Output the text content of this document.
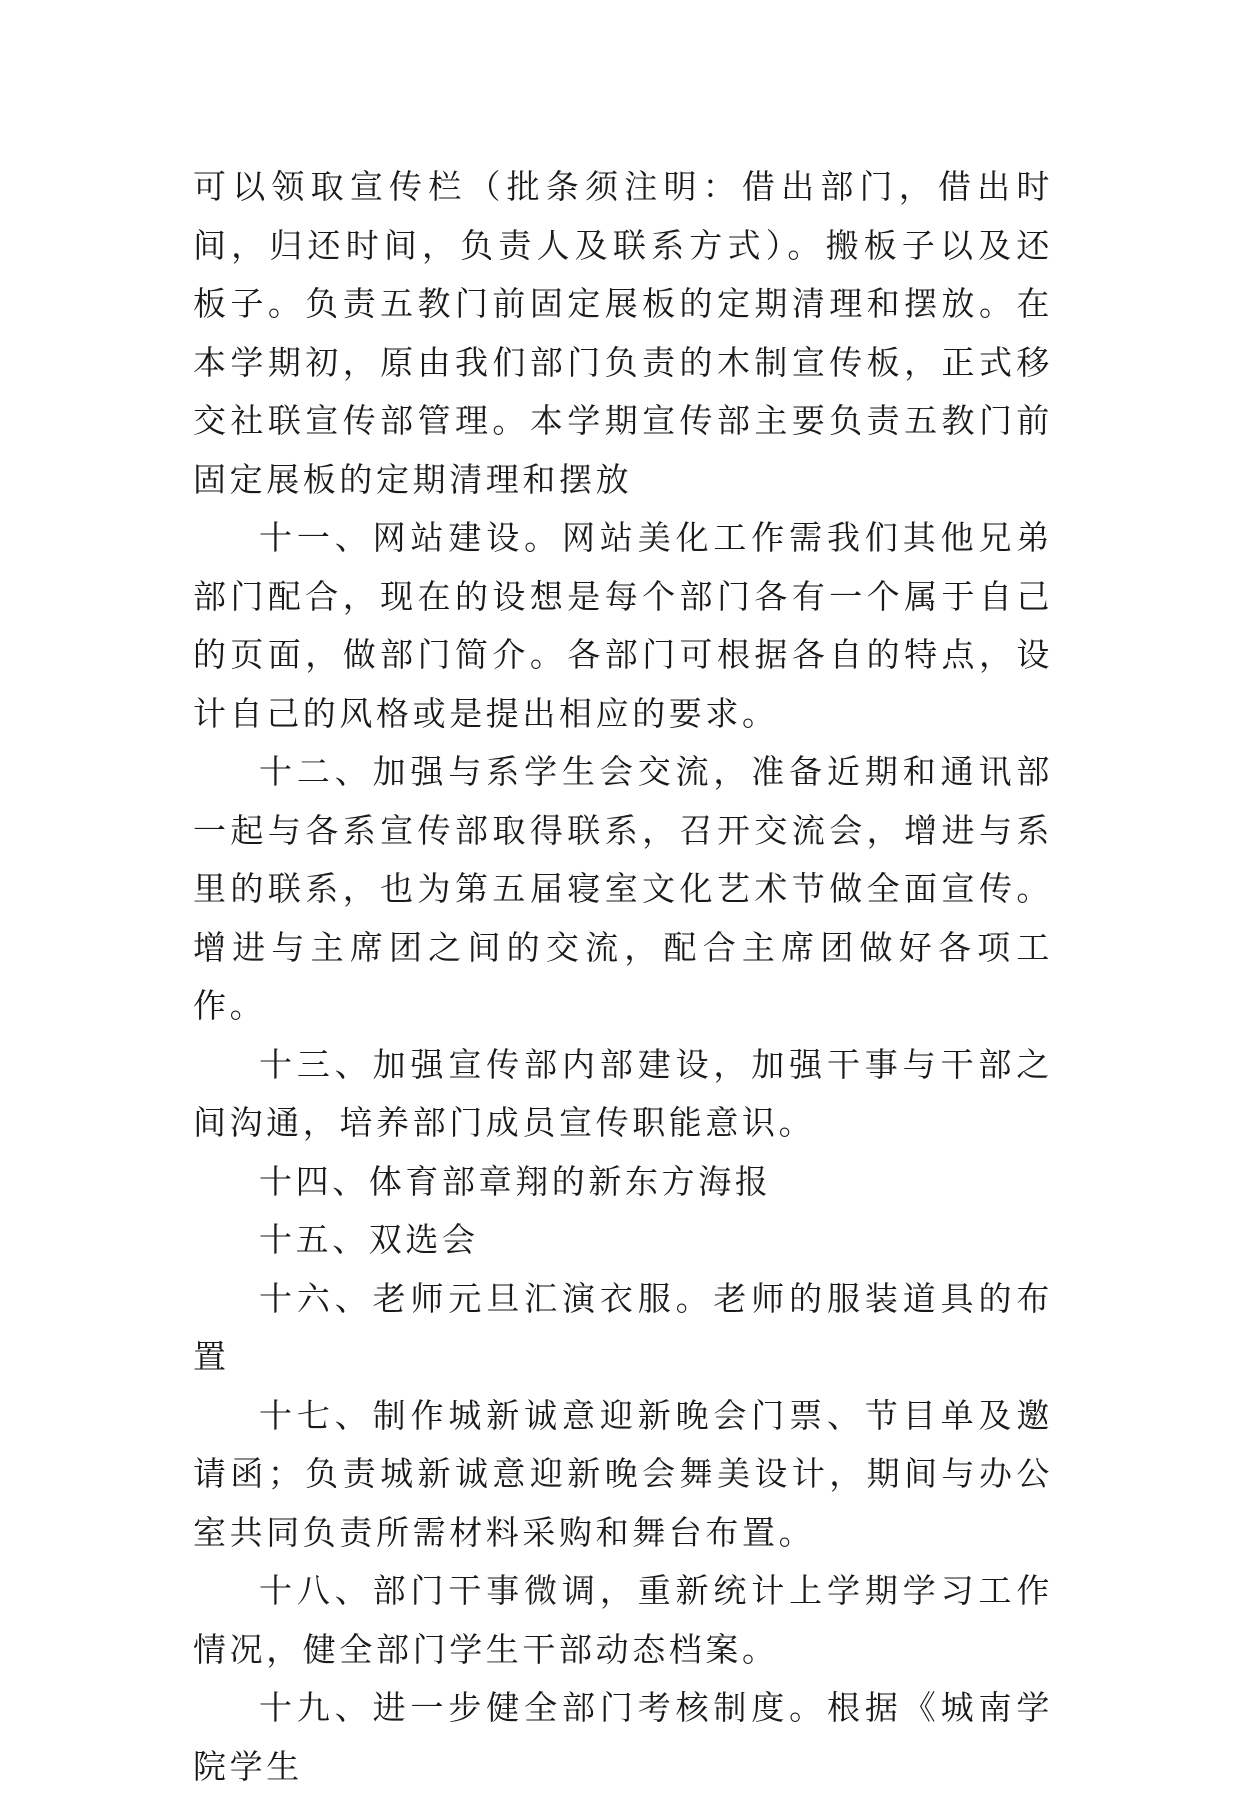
可以领取宣传栏（批条须注明：借出部门，借出时间，归还时间，负责人及联系方式）。搬板子以及还板子。负责五教门前固定展板的定期清理和摆放。在本学期初，原由我们部门负责的木制宣传板，正式移交社联宣传部管理。本学期宣传部主要负责五教门前固定展板的定期清理和摆放

十一、网站建设。网站美化工作需我们其他兄弟部门配合，现在的设想是每个部门各有一个属于自己的页面，做部门简介。各部门可根据各自的特点，设计自己的风格或是提出相应的要求。

十二、加强与系学生会交流，准备近期和通讯部一起与各系宣传部取得联系，召开交流会，增进与系里的联系，也为第五届寝室文化艺术节做全面宣传。增进与主席团之间的交流，配合主席团做好各项工作。

十三、加强宣传部内部建设，加强干事与干部之间沟通，培养部门成员宣传职能意识。

十四、体育部章翔的新东方海报

十五、双选会

十六、老师元旦汇演衣服。老师的服装道具的布置

十七、制作城新诚意迎新晚会门票、节目单及邀请函；负责城新诚意迎新晚会舞美设计，期间与办公室共同负责所需材料采购和舞台布置。

十八、部门干事微调，重新统计上学期学习工作情况，健全部门学生干部动态档案。

十九、进一步健全部门考核制度。根据《城南学院学生
